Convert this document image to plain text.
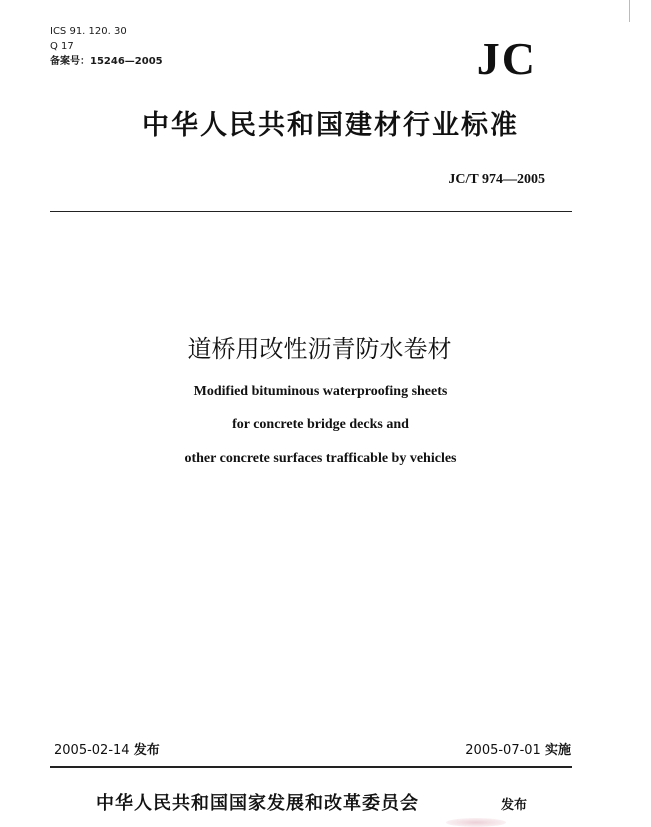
ICS 91. 120. 30
Q 17
备案号：15246—2005	JC
中华人民共和国建材行业标准
JC/T 974—2005
道桥用改性沥青防水卷材
Modified bituminous waterproofing sheets
for concrete bridge decks and
other concrete surfaces trafficable by vehicles
2005-02-14 发布	2005-07-01 实施
中华人民共和国国家发展和改革委员会	发布
